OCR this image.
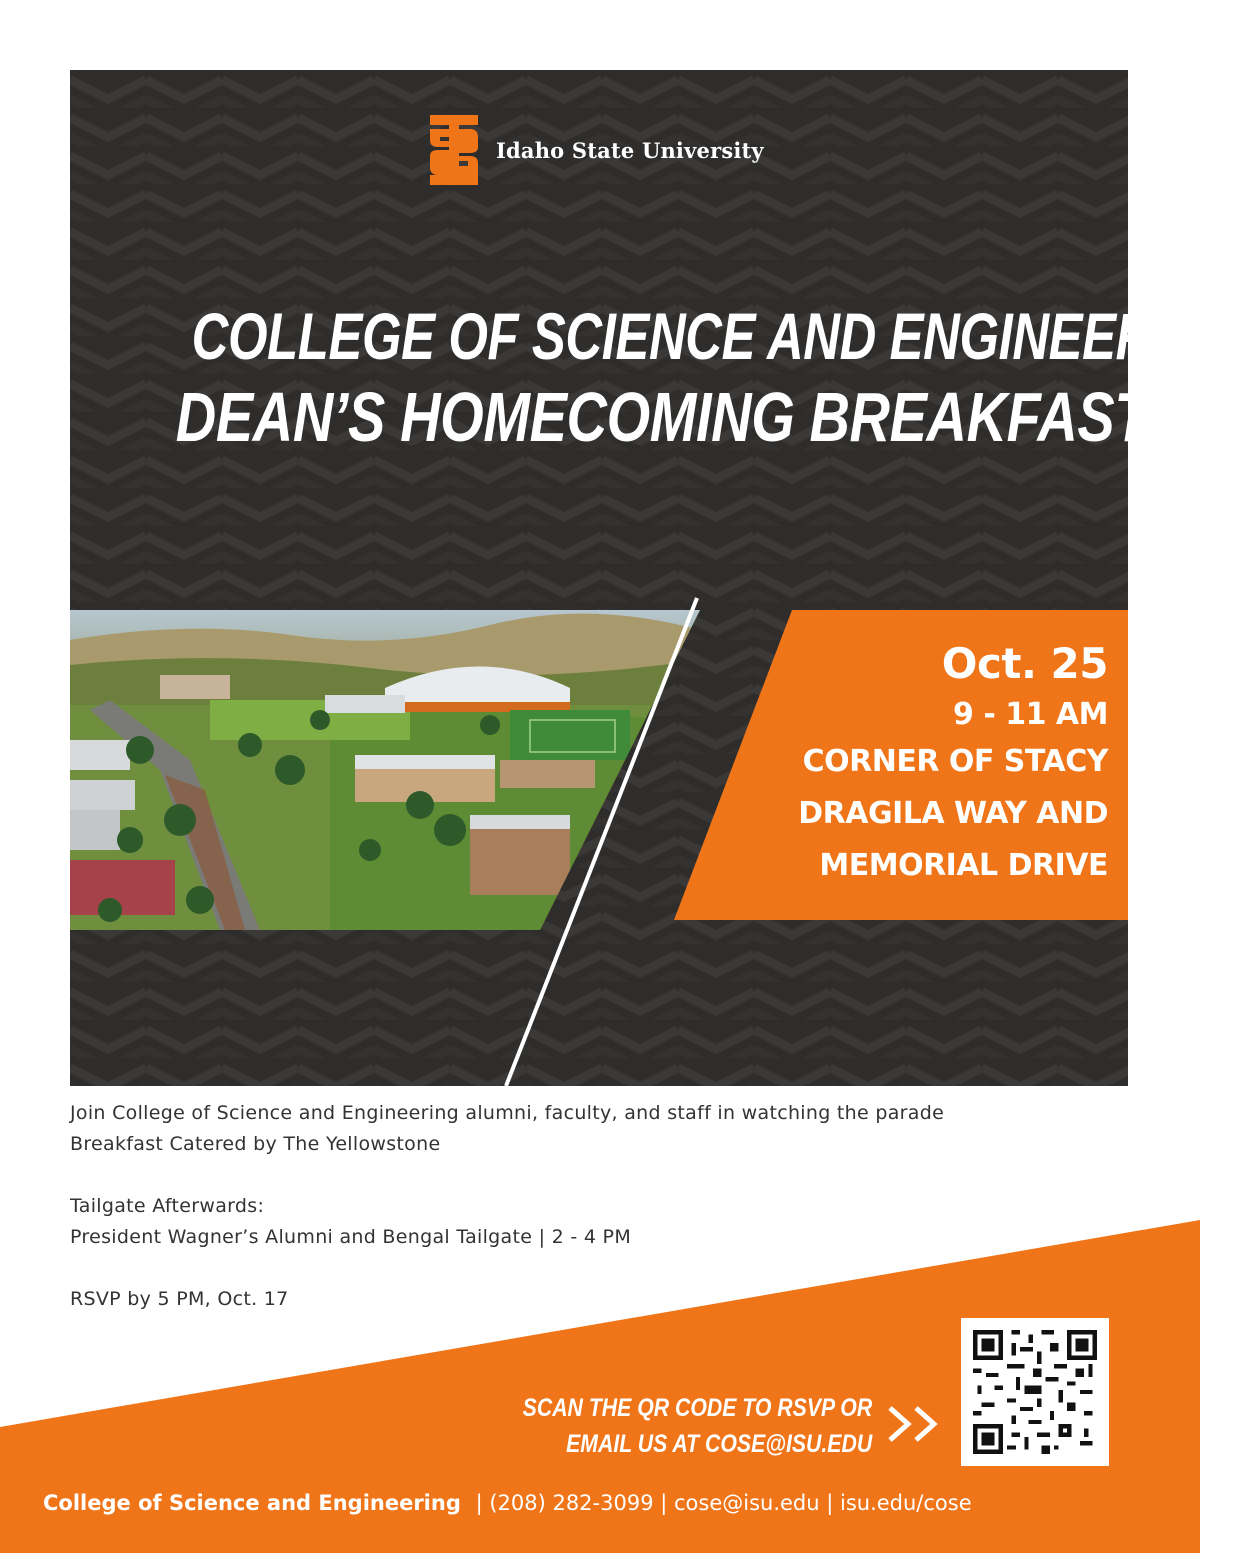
Idaho State University
COLLEGE OF SCIENCE AND ENGINEERING
DEAN’S HOMECOMING BREAKFAST
Oct. 25
9 - 11 AM
CORNER OF STACY
DRAGILA WAY AND
MEMORIAL DRIVE

Join College of Science and Engineering alumni, faculty, and staff in watching the parade

Breakfast Catered by The Yellowstone

Tailgate Afterwards:

President Wagner’s Alumni and Bengal Tailgate | 2 - 4 PM

RSVP by 5 PM, Oct. 17

SCAN THE QR CODE TO RSVP OR
EMAIL US AT COSE@ISU.EDU
College of Science and Engineering | (208) 282-3099 | cose@isu.edu | isu.edu/cose
